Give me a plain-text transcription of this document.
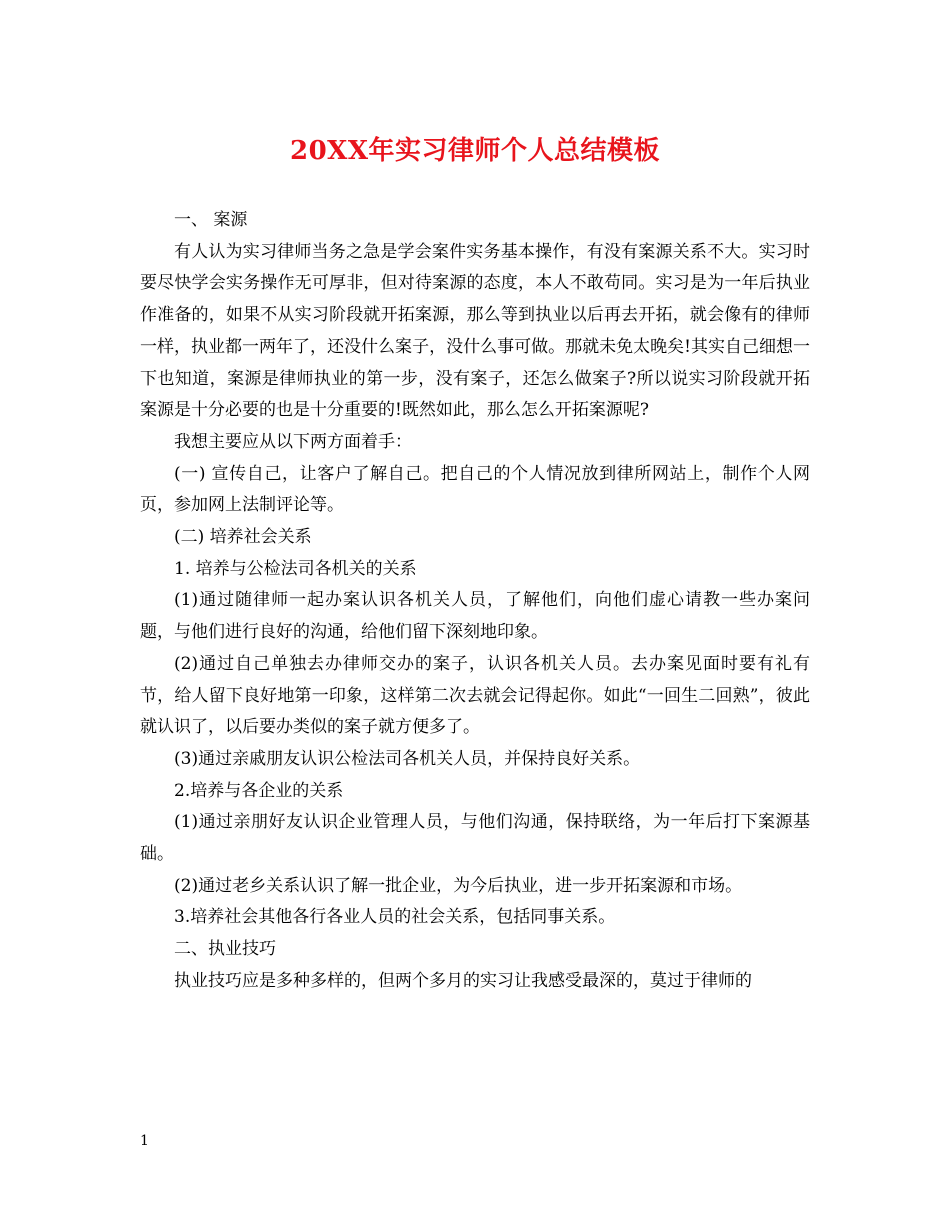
20XX年实习律师个人总结模板

一、 案源

有人认为实习律师当务之急是学会案件实务基本操作，有没有案源关系不大。实习时要尽快学会实务操作无可厚非，但对待案源的态度，本人不敢苟同。实习是为一年后执业作准备的，如果不从实习阶段就开拓案源，那么等到执业以后再去开拓，就会像有的律师一样，执业都一两年了，还没什么案子，没什么事可做。那就未免太晚矣!其实自己细想一下也知道，案源是律师执业的第一步，没有案子，还怎么做案子?所以说实习阶段就开拓案源是十分必要的也是十分重要的!既然如此，那么怎么开拓案源呢?

我想主要应从以下两方面着手：

(一) 宣传自己，让客户了解自己。把自己的个人情况放到律所网站上，制作个人网页，参加网上法制评论等。

(二) 培养社会关系

1. 培养与公检法司各机关的关系

(1)通过随律师一起办案认识各机关人员，了解他们，向他们虚心请教一些办案问题，与他们进行良好的沟通，给他们留下深刻地印象。

(2)通过自己单独去办律师交办的案子，认识各机关人员。去办案见面时要有礼有节，给人留下良好地第一印象，这样第二次去就会记得起你。如此“一回生二回熟”，彼此就认识了，以后要办类似的案子就方便多了。

(3)通过亲戚朋友认识公检法司各机关人员，并保持良好关系。

2.培养与各企业的关系

(1)通过亲朋好友认识企业管理人员，与他们沟通，保持联络，为一年后打下案源基础。

(2)通过老乡关系认识了解一批企业，为今后执业，进一步开拓案源和市场。

3.培养社会其他各行各业人员的社会关系，包括同事关系。

二、执业技巧

执业技巧应是多种多样的，但两个多月的实习让我感受最深的，莫过于律师的

1
